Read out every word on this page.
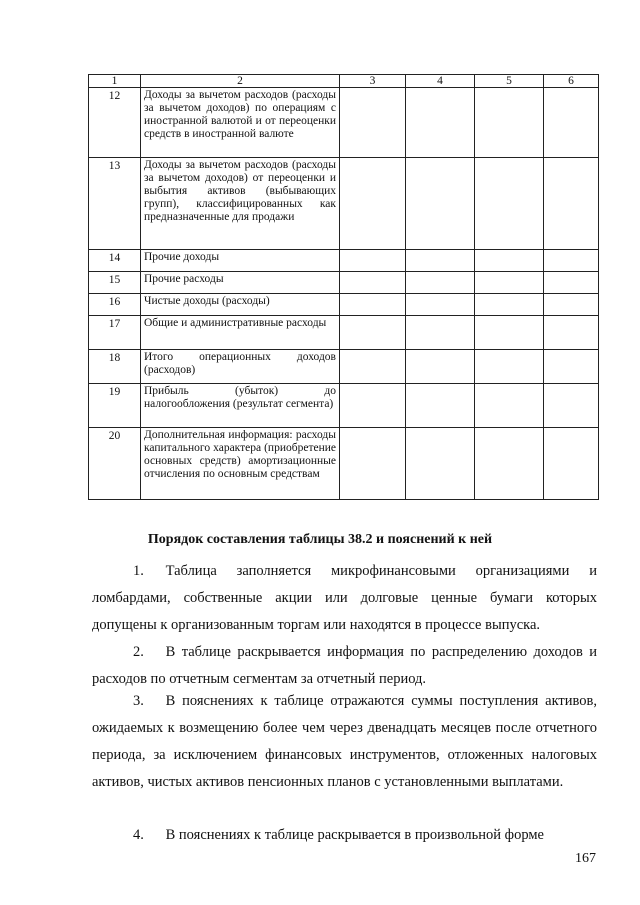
1	2	3	4	5	6
12	Доходы за вычетом расходов (расходы за вычетом доходов) по операциям с иностранной валютой и от переоценки средств в иностранной валюте				
13	Доходы за вычетом расходов (расходы за вычетом доходов) от переоценки и выбытия активов (выбывающих групп), классифицированных как предназначенные для продажи				
14	Прочие доходы				
15	Прочие расходы				
16	Чистые доходы (расходы)				
17	Общие и административные расходы				
18	Итого операционных доходов (расходов)				
19	Прибыль (убыток) до налогообложения (результат сегмента)				
20	Дополнительная информация: расходы капитального характера (приобретение основных средств) амортизационные отчисления по основным средствам				
Порядок составления таблицы 38.2 и пояснений к ней

1.  Таблица заполняется микрофинансовыми организациями и ломбардами, собственные акции или долговые ценные бумаги которых допущены к организованным торгам или находятся в процессе выпуска.

2.  В таблице раскрывается информация по распределению доходов и расходов по отчетным сегментам за отчетный период.

3.  В пояснениях к таблице отражаются суммы поступления активов, ожидаемых к возмещению более чем через двенадцать месяцев после отчетного периода, за исключением финансовых инструментов, отложенных налоговых активов, чистых активов пенсионных планов с установленными выплатами.

4.  В пояснениях к таблице раскрывается в произвольной форме

167
